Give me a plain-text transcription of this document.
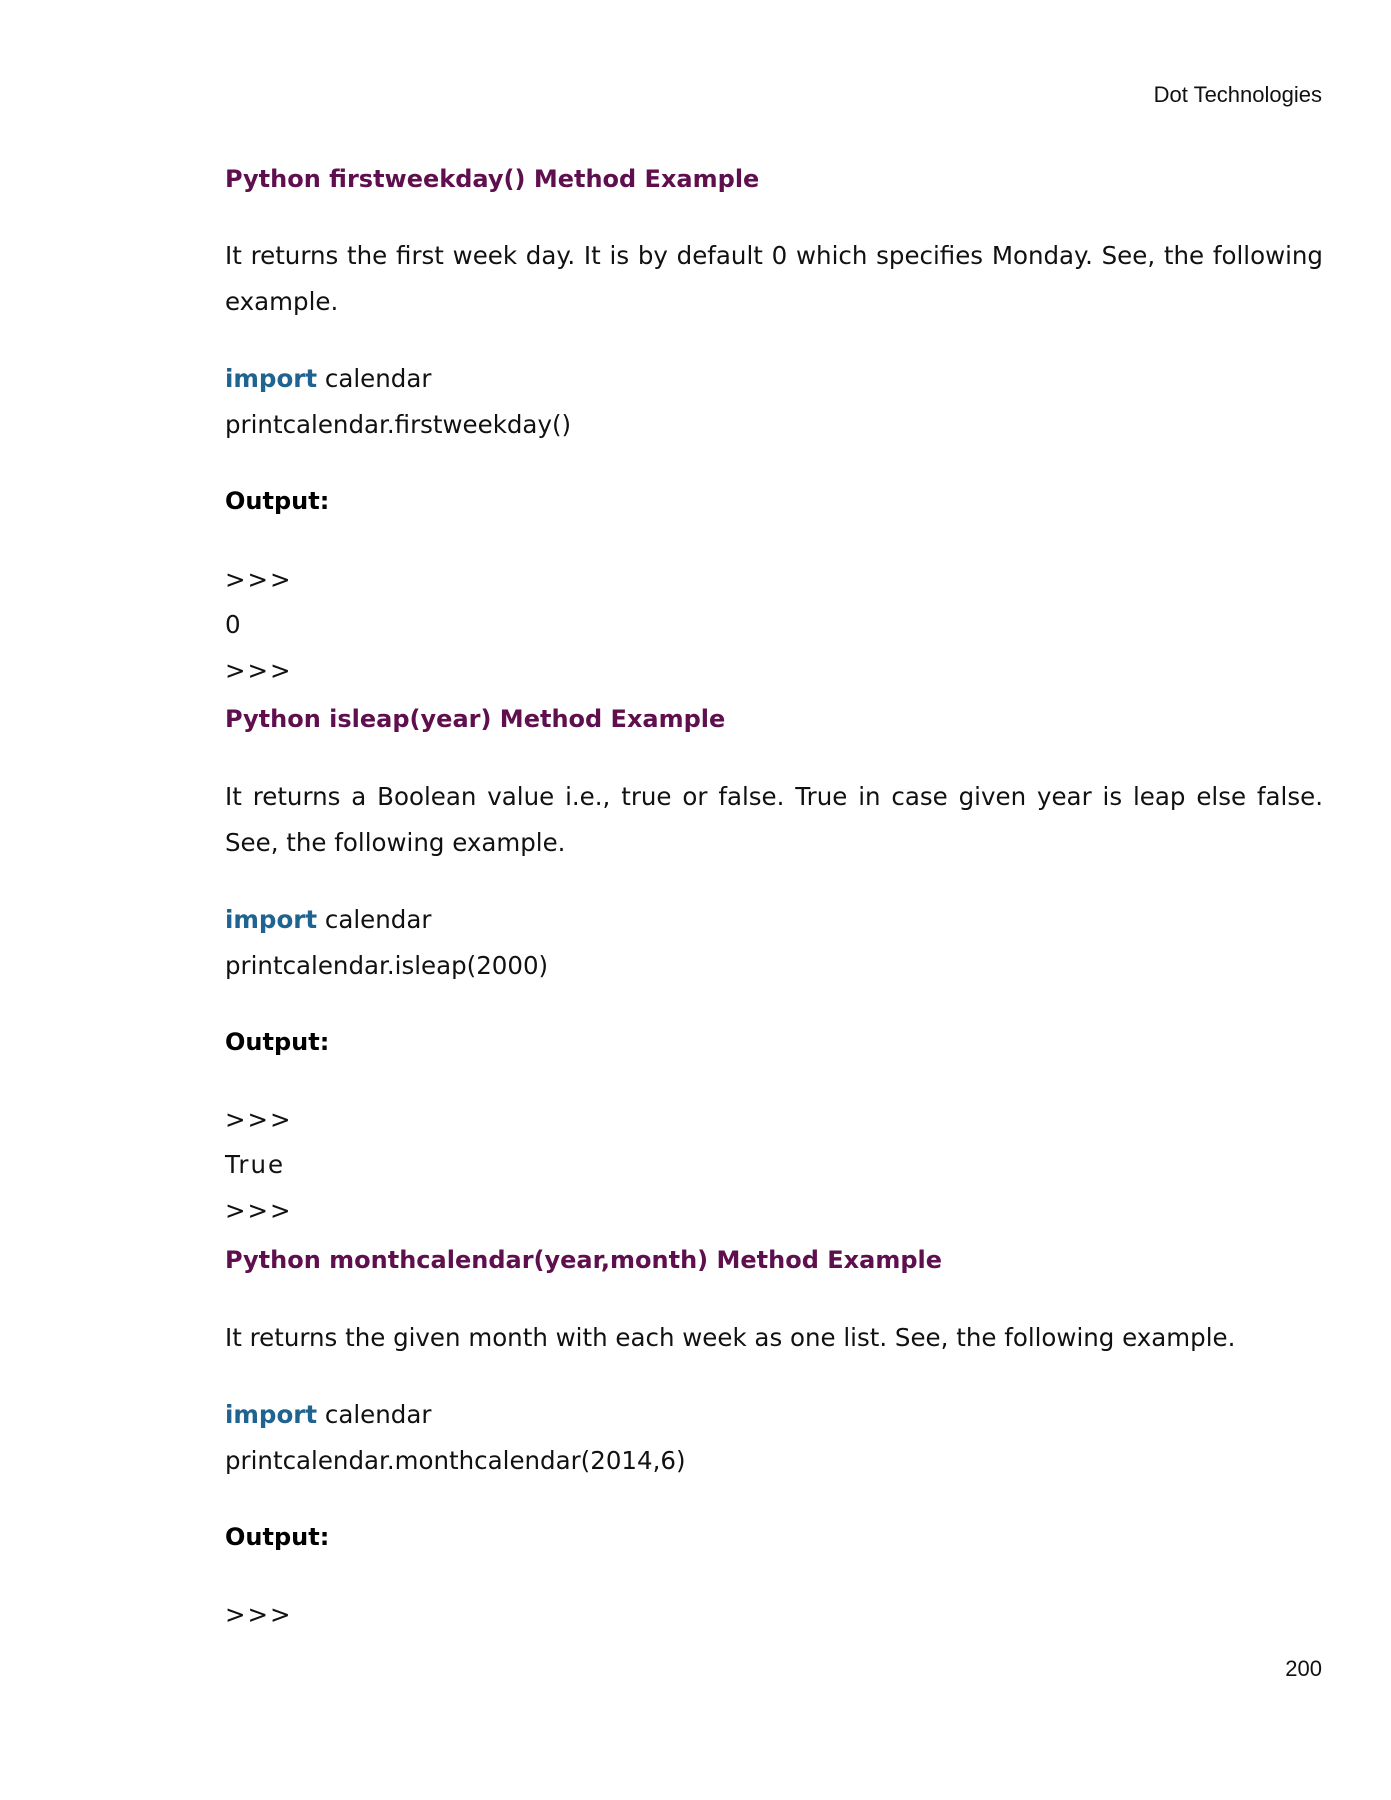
Dot Technologies
Python firstweekday() Method Example
It returns the first week day. It is by default 0 which specifies Monday. See, the following example.
import calendar
printcalendar.firstweekday()
Output:
>>>
0
>>>
Python isleap(year) Method Example
It returns a Boolean value i.e., true or false. True in case given year is leap else false. See, the following example.
import calendar
printcalendar.isleap(2000)
Output:
>>>
True
>>>
Python monthcalendar(year,month) Method Example
It returns the given month with each week as one list. See, the following example.
import calendar
printcalendar.monthcalendar(2014,6)
Output:
>>>
200
